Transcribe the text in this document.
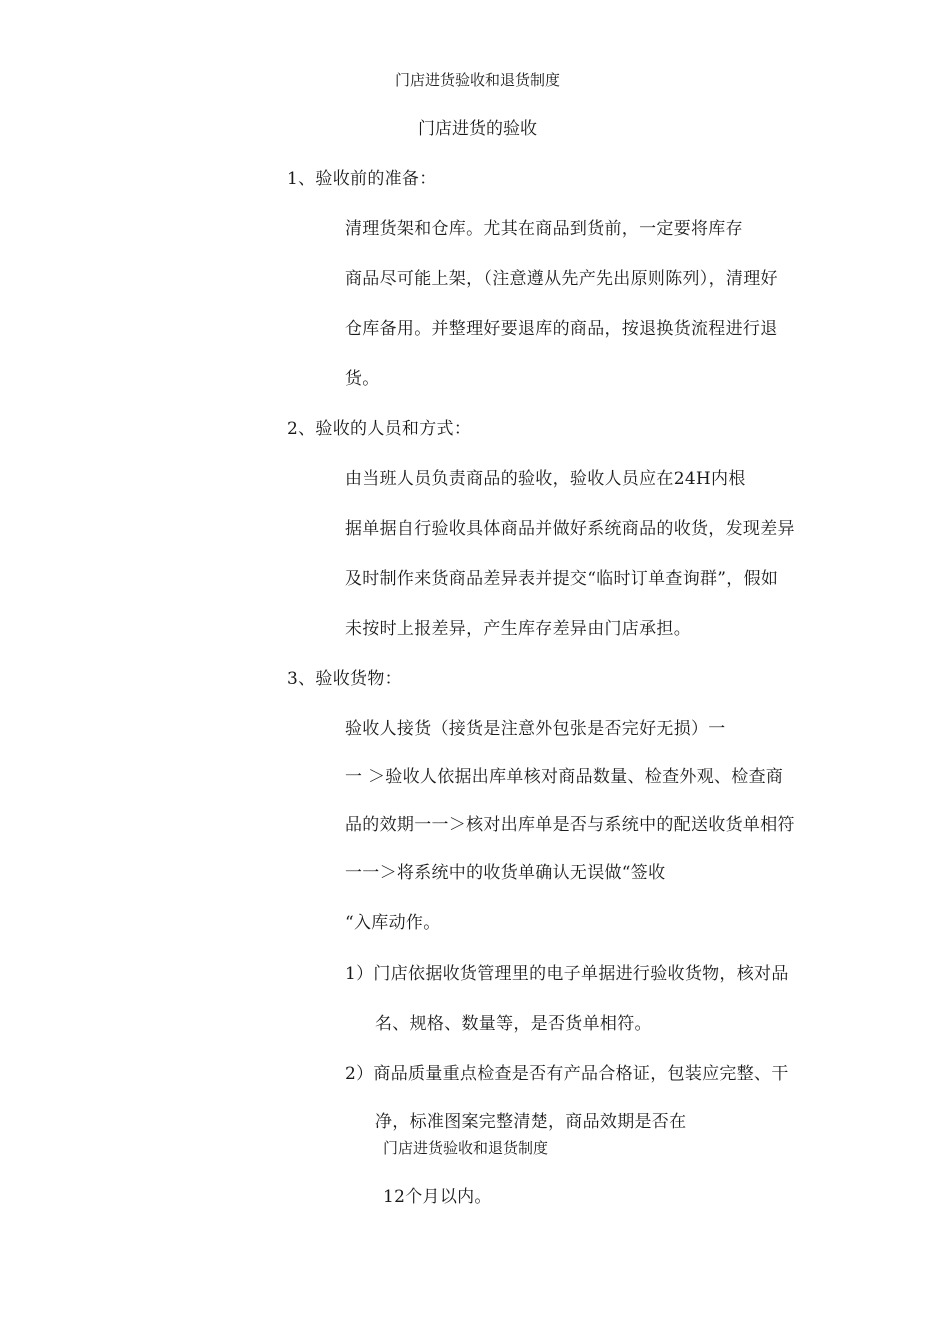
门店进货验收和退货制度
门店进货的验收
1、验收前的准备：
清理货架和仓库。尤其在商品到货前，一定要将库存
商品尽可能上架，（注意遵从先产先出原则陈列），清理好
仓库备用。并整理好要退库的商品，按退换货流程进行退
货。
2、验收的人员和方式：
由当班人员负责商品的验收，验收人员应在24H内根
据单据自行验收具体商品并做好系统商品的收货，发现差异
及时制作来货商品差异表并提交“临时订单查询群”，假如
未按时上报差异，产生库存差异由门店承担。
3、验收货物：
验收人接货（接货是注意外包张是否完好无损）一
一 ＞验收人依据出库单核对商品数量、检查外观、检查商
品的效期一一＞核对出库单是否与系统中的配送收货单相符
一一＞将系统中的收货单确认无误做“签收
“入库动作。
1）门店依据收货管理里的电子单据进行验收货物，核对品
名、规格、数量等，是否货单相符。
2）商品质量重点检查是否有产品合格证，包装应完整、干
净，标准图案完整清楚，商品效期是否在
门店进货验收和退货制度
12个月以内。
